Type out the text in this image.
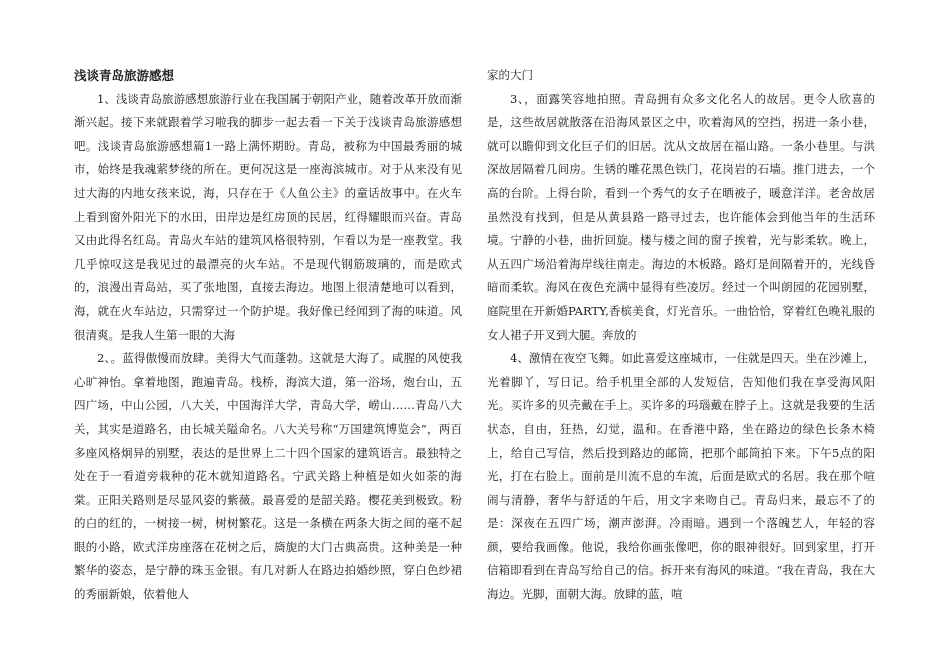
浅谈青岛旅游感想

1、浅谈青岛旅游感想旅游行业在我国属于朝阳产业，随着改革开放而渐渐兴起。接下来就跟着学习啦我的脚步一起去看一下关于浅谈青岛旅游感想吧。浅谈青岛旅游感想篇1一路上满怀期盼。青岛，被称为中国最秀丽的城市，始终是我魂萦梦绕的所在。更何况这是一座海滨城市。对于从来没有见过大海的内地女孩来说，海，只存在于《人鱼公主》的童话故事中。在火车上看到窗外阳光下的水田，田岸边是红房顶的民居，红得耀眼而兴奋。青岛又由此得名红岛。青岛火车站的建筑风格很特别，乍看以为是一座教堂。我几乎惊叹这是我见过的最漂亮的火车站。不是现代钢筋玻璃的，而是欧式的，浪漫出青岛站，买了张地图，直接去海边。地图上很清楚地可以看到，海，就在火车站边，只需穿过一个防护堤。我好像已经闻到了海的味道。风很清爽。是我人生第一眼的大海

2、。蓝得傲慢而放肆。美得大气而蓬勃。这就是大海了。咸腥的风使我心旷神怡。拿着地图，跑遍青岛。栈桥，海滨大道，第一浴场，炮台山，五四广场，中山公园，八大关，中国海洋大学，青岛大学，崂山……青岛八大关，其实是道路名，由长城关隘命名。八大关号称“万国建筑博览会”，两百多座风格炯异的别墅，表达的是世界上二十四个国家的建筑语言。最独特之处在于一看道旁栽种的花木就知道路名。宁武关路上种植是如火如荼的海棠。正阳关路则是尽显风姿的紫薇。最喜爱的是韶关路。樱花美到极致。粉的白的红的，一树接一树，树树繁花。这是一条横在两条大街之间的毫不起眼的小路，欧式洋房座落在花树之后，旖旎的大门古典高贵。这种美是一种繁华的姿态，是宁静的珠玉金银。有几对新人在路边拍婚纱照，穿白色纱裙的秀丽新娘，依着他人

家的大门

3、，面露笑容地拍照。青岛拥有众多文化名人的故居。更令人欣喜的是，这些故居就散落在沿海风景区之中，吹着海风的空挡，拐进一条小巷，就可以瞻仰到文化巨子们的旧居。沈从文故居在福山路。一条小巷里。与洪深故居隔着几间房。生锈的雕花黑色铁门，花岗岩的石墙。推门进去，一个高的台阶。上得台阶，看到一个秀气的女子在晒被子，暖意洋洋。老舍故居虽然没有找到，但是从黄县路一路寻过去，也许能体会到他当年的生活环境。宁静的小巷，曲折回旋。楼与楼之间的窗子挨着，光与影柔软。晚上，从五四广场沿着海岸线往南走。海边的木板路。路灯是间隔着开的，光线昏暗而柔软。海风在夜色充满中显得有些凌厉。经过一个叫朗园的花园别墅，庭院里在开新婚PARTY,香槟美食，灯光音乐。一曲恰恰，穿着红色晚礼服的女人裙子开叉到大腿。奔放的

4、激情在夜空飞舞。如此喜爱这座城市，一住就是四天。坐在沙滩上，光着脚丫，写日记。给手机里全部的人发短信，告知他们我在享受海风阳光。买许多的贝壳戴在手上。买许多的玛瑙戴在脖子上。这就是我要的生活状态，自由，狂热，幻觉，温和。在香港中路，坐在路边的绿色长条木椅上，给自己写信，然后投到路边的邮筒，把那个邮筒拍下来。下午5点的阳光，打在右脸上。面前是川流不息的车流，后面是欧式的名居。我在那个喧闹与清静，奢华与舒适的午后，用文字来吻自己。青岛归来，最忘不了的是：深夜在五四广场，潮声澎湃。冷雨暗。遇到一个落魄艺人，年轻的容颜，要给我画像。他说，我给你画张像吧，你的眼神很好。回到家里，打开信箱即看到在青岛写给自己的信。拆开来有海风的味道。“我在青岛，我在大海边。光脚，面朝大海。放肆的蓝，喧
